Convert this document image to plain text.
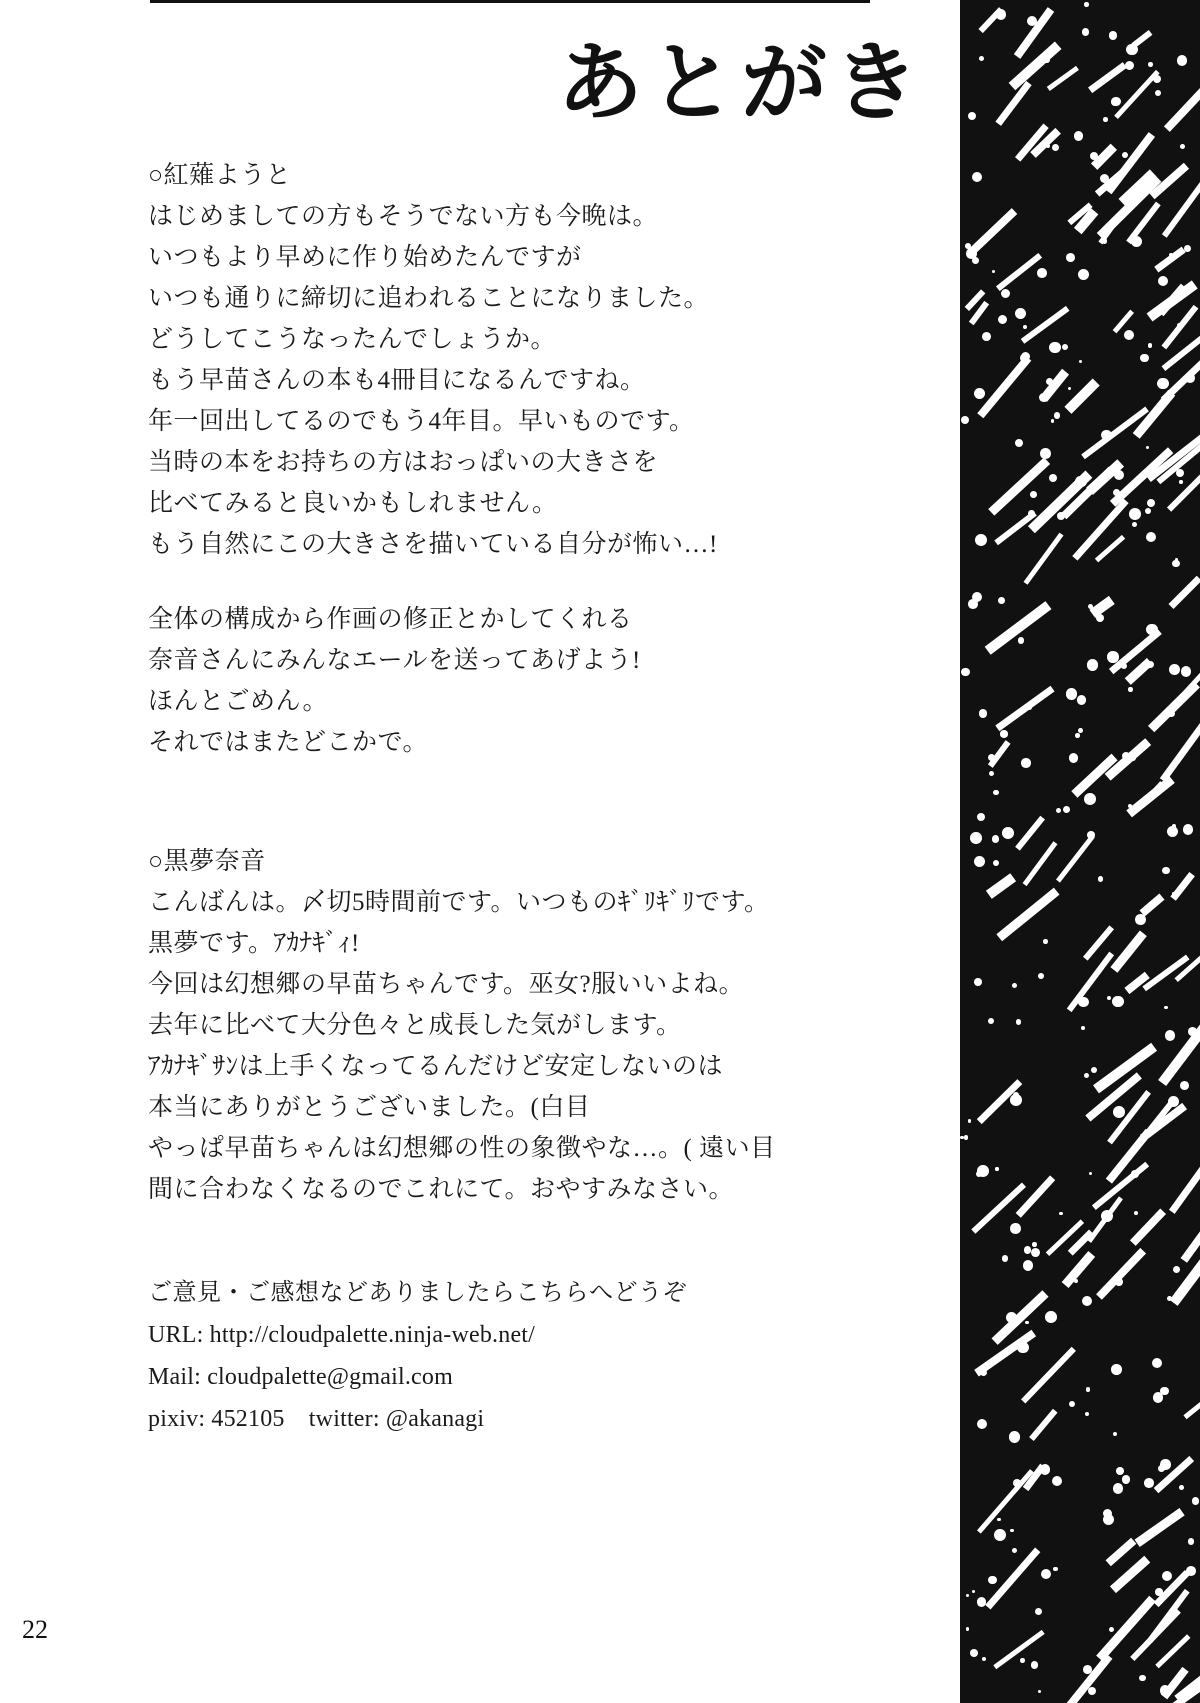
あとがき
○紅薙ようと
はじめましての方もそうでない方も今晩は。
いつもより早めに作り始めたんですが
いつも通りに締切に追われることになりました。
どうしてこうなったんでしょうか。
もう早苗さんの本も4冊目になるんですね。
年一回出してるのでもう4年目。早いものです。
当時の本をお持ちの方はおっぱいの大きさを
比べてみると良いかもしれません。
もう自然にこの大きさを描いている自分が怖い…!
全体の構成から作画の修正とかしてくれる
奈音さんにみんなエールを送ってあげよう!
ほんとごめん。
それではまたどこかで。
○黒夢奈音
こんばんは。〆切5時間前です。いつものｷﾞﾘｷﾞﾘです。
黒夢です。ｱｶﾅｷﾞｨ!
今回は幻想郷の早苗ちゃんです。巫女?服いいよね。
去年に比べて大分色々と成長した気がします。
ｱｶﾅｷﾞｻﾝは上手くなってるんだけど安定しないのは
本当にありがとうございました。(白目
やっぱ早苗ちゃんは幻想郷の性の象徴やな…。( 遠い目
間に合わなくなるのでこれにて。おやすみなさい。
ご意見・ご感想などありましたらこちらへどうぞ
URL: http://cloudpalette.ninja-web.net/
Mail: cloudpalette@gmail.com
pixiv: 452105　twitter: @akanagi
22
